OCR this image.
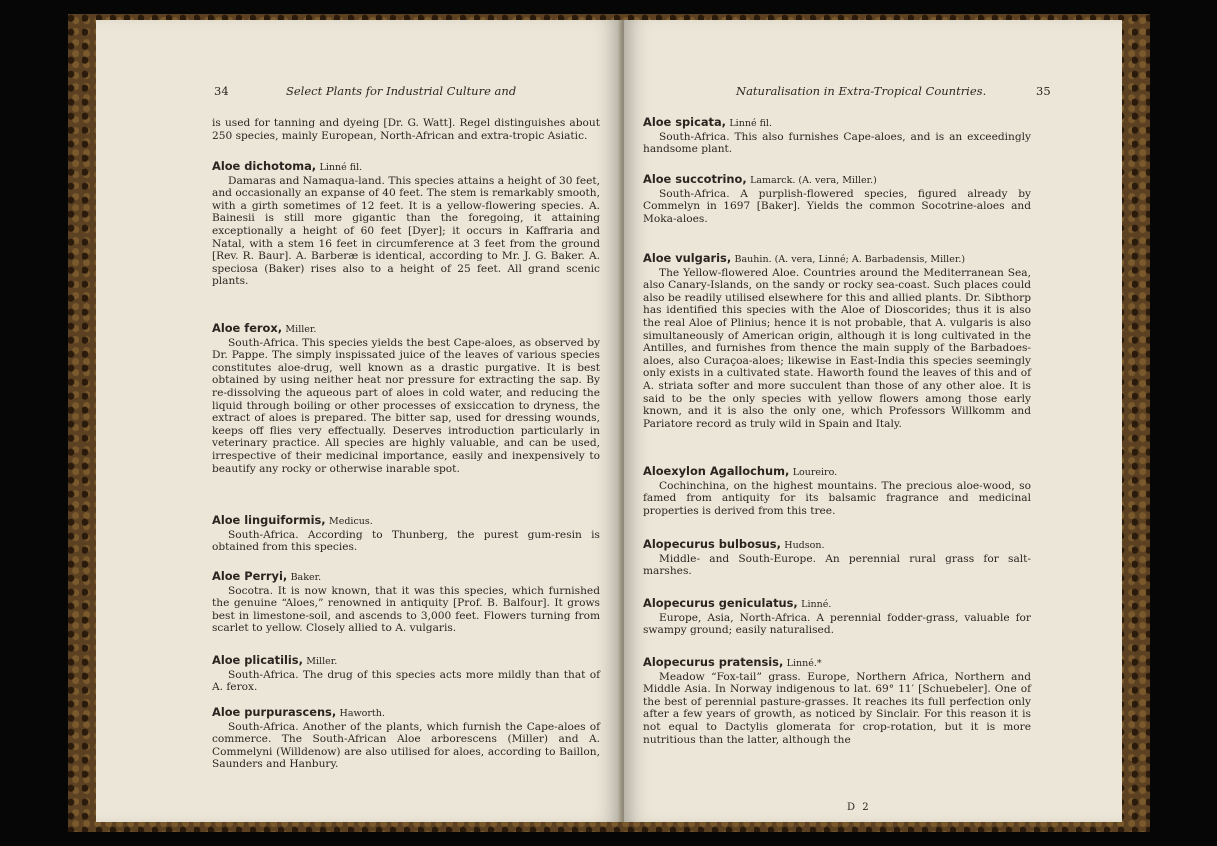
34	Select Plants for Industrial Culture and

is used for tanning and dyeing [Dr. G. Watt]. Regel distinguishes about 250 species, mainly European, North-African and extra-tropic Asiatic.

Aloe dichotoma, Linné fil.

Damaras and Namaqua-land. This species attains a height of 30 feet, and occasionally an expanse of 40 feet. The stem is remarkably smooth, with a girth sometimes of 12 feet. It is a yellow-flowering species. A. Bainesii is still more gigantic than the foregoing, it attaining exceptionally a height of 60 feet [Dyer]; it occurs in Kaffraria and Natal, with a stem 16 feet in circumference at 3 feet from the ground [Rev. R. Baur]. A. Barberæ is identical, according to Mr. J. G. Baker. A. speciosa (Baker) rises also to a height of 25 feet. All grand scenic plants.

Aloe ferox, Miller.

South-Africa. This species yields the best Cape-aloes, as observed by Dr. Pappe. The simply inspissated juice of the leaves of various species constitutes aloe-drug, well known as a drastic purgative. It is best obtained by using neither heat nor pressure for extracting the sap. By re-dissolving the aqueous part of aloes in cold water, and reducing the liquid through boiling or other processes of exsiccation to dryness, the extract of aloes is prepared. The bitter sap, used for dressing wounds, keeps off flies very effectually. Deserves introduction particularly in veterinary practice. All species are highly valuable, and can be used, irrespective of their medicinal importance, easily and inexpensively to beautify any rocky or otherwise inarable spot.

Aloe linguiformis, Medicus.

South-Africa. According to Thunberg, the purest gum-resin is obtained from this species.

Aloe Perryi, Baker.

Socotra. It is now known, that it was this species, which furnished the genuine “Aloes,” renowned in antiquity [Prof. B. Balfour]. It grows best in limestone-soil, and ascends to 3,000 feet. Flowers turning from scarlet to yellow. Closely allied to A. vulgaris.

Aloe plicatilis, Miller.

South-Africa. The drug of this species acts more mildly than that of A. ferox.

Aloe purpurascens, Haworth.

South-Africa. Another of the plants, which furnish the Cape-aloes of commerce. The South-African Aloe arborescens (Miller) and A. Commelyni (Willdenow) are also utilised for aloes, according to Baillon, Saunders and Hanbury.

Naturalisation in Extra-Tropical Countries.	35
Aloe spicata, Linné fil.

South-Africa. This also furnishes Cape-aloes, and is an exceedingly handsome plant.

Aloe succotrino, Lamarck. (A. vera, Miller.)

South-Africa. A purplish-flowered species, figured already by Commelyn in 1697 [Baker]. Yields the common Socotrine-aloes and Moka-aloes.

Aloe vulgaris, Bauhin. (A. vera, Linné; A. Barbadensis, Miller.)

The Yellow-flowered Aloe. Countries around the Mediterranean Sea, also Canary-Islands, on the sandy or rocky sea-coast. Such places could also be readily utilised elsewhere for this and allied plants. Dr. Sibthorp has identified this species with the Aloe of Dioscorides; thus it is also the real Aloe of Plinius; hence it is not probable, that A. vulgaris is also simultaneously of American origin, although it is long cultivated in the Antilles, and furnishes from thence the main supply of the Barbadoes-aloes, also Curaçoa-aloes; likewise in East-India this species seemingly only exists in a cultivated state. Haworth found the leaves of this and of A. striata softer and more succulent than those of any other aloe. It is said to be the only species with yellow flowers among those early known, and it is also the only one, which Professors Willkomm and Pariatore record as truly wild in Spain and Italy.

Aloexylon Agallochum, Loureiro.

Cochinchina, on the highest mountains. The precious aloe-wood, so famed from antiquity for its balsamic fragrance and medicinal properties is derived from this tree.

Alopecurus bulbosus, Hudson.

Middle- and South-Europe. An perennial rural grass for salt-marshes.

Alopecurus geniculatus, Linné.

Europe, Asia, North-Africa. A perennial fodder-grass, valuable for swampy ground; easily naturalised.

Alopecurus pratensis, Linné.*

Meadow “Fox-tail” grass. Europe, Northern Africa, Northern and Middle Asia. In Norway indigenous to lat. 69° 11′ [Schuebeler]. One of the best of perennial pasture-grasses. It reaches its full perfection only after a few years of growth, as noticed by Sinclair. For this reason it is not equal to Dactylis glomerata for crop-rotation, but it is more nutritious than the latter, although the

D 2
